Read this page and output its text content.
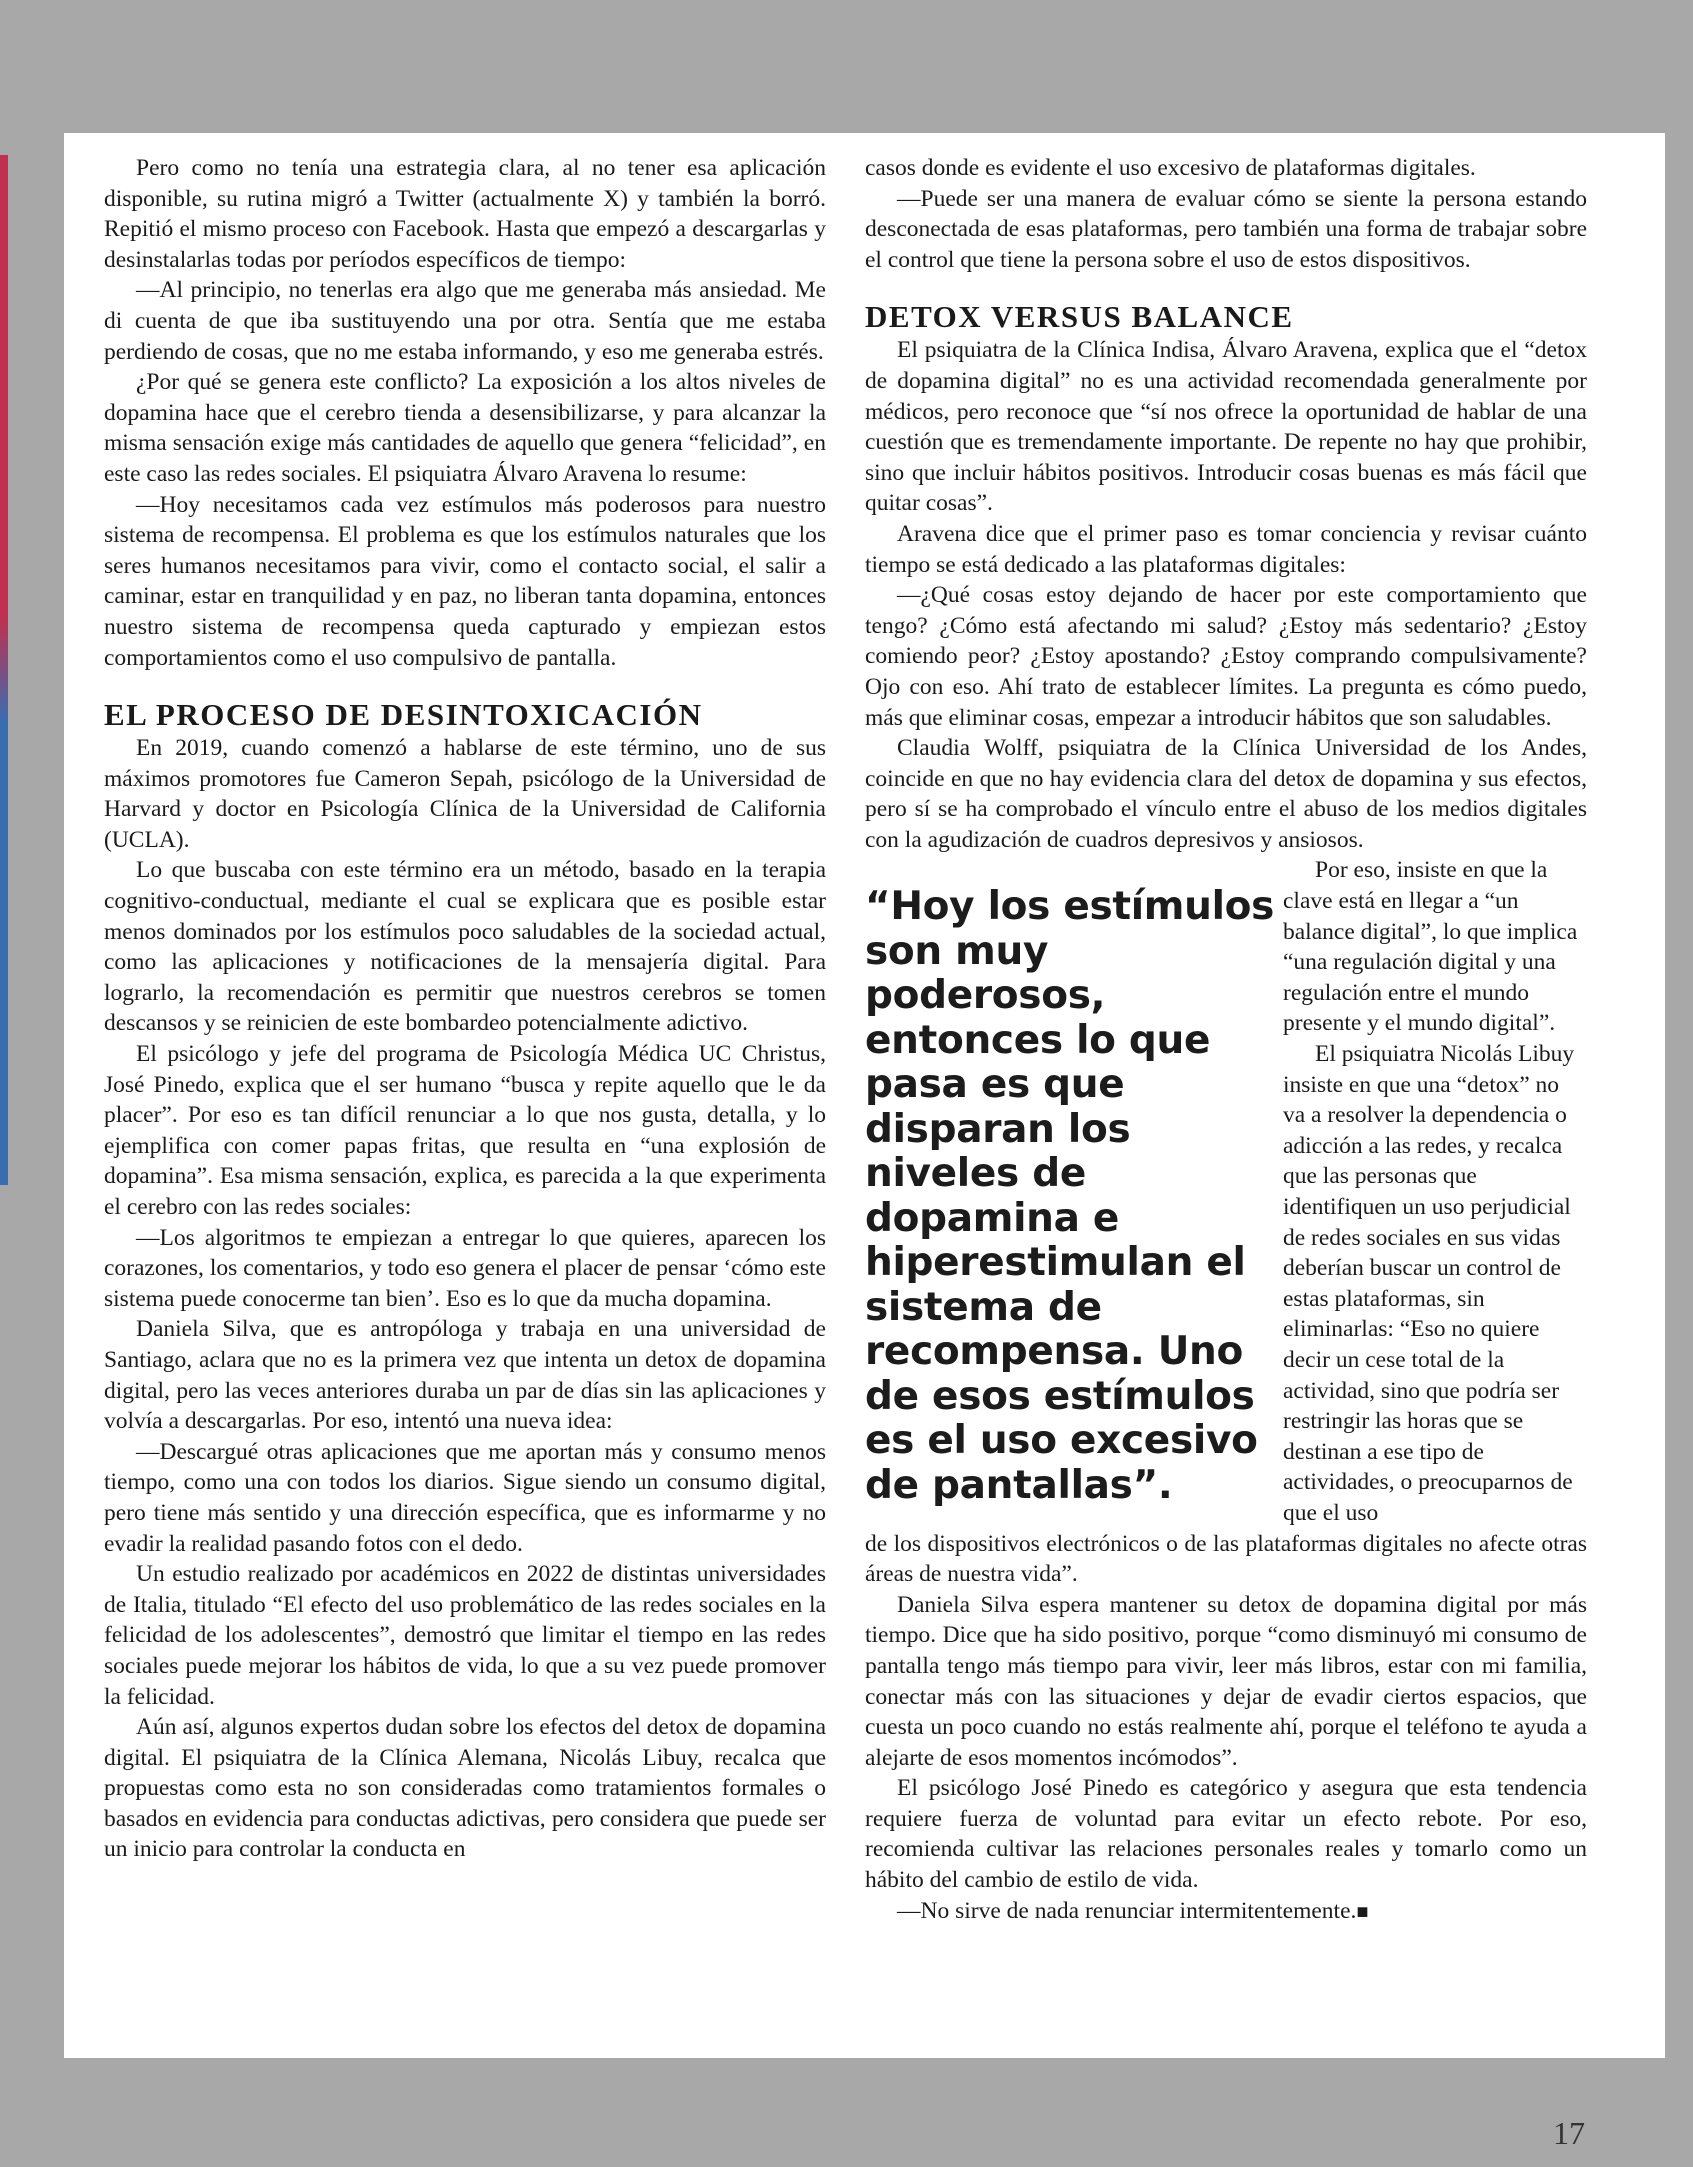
Pero como no tenía una estrategia clara, al no tener esa aplicación disponible, su rutina migró a Twitter (actualmente X) y también la borró. Repitió el mismo proceso con Facebook. Hasta que empezó a descargarlas y desinstalarlas todas por períodos específicos de tiempo:

—Al principio, no tenerlas era algo que me generaba más ansiedad. Me di cuenta de que iba sustituyendo una por otra. Sentía que me estaba perdiendo de cosas, que no me estaba informando, y eso me generaba estrés.

¿Por qué se genera este conflicto? La exposición a los altos niveles de dopamina hace que el cerebro tienda a desensibilizarse, y para alcanzar la misma sensación exige más cantidades de aquello que genera “felicidad”, en este caso las redes sociales. El psiquiatra Álvaro Aravena lo resume:

—Hoy necesitamos cada vez estímulos más poderosos para nuestro sistema de recompensa. El problema es que los estímulos naturales que los seres humanos necesitamos para vivir, como el contacto social, el salir a caminar, estar en tranquilidad y en paz, no liberan tanta dopamina, entonces nuestro sistema de recompensa queda capturado y empiezan estos comportamientos como el uso compulsivo de pantalla.

EL PROCESO DE DESINTOXICACIÓN

En 2019, cuando comenzó a hablarse de este término, uno de sus máximos promotores fue Cameron Sepah, psicólogo de la Universidad de Harvard y doctor en Psicología Clínica de la Universidad de California (UCLA).

Lo que buscaba con este término era un método, basado en la terapia cognitivo-conductual, mediante el cual se explicara que es posible estar menos dominados por los estímulos poco saludables de la sociedad actual, como las aplicaciones y notificaciones de la mensajería digital. Para lograrlo, la recomendación es permitir que nuestros cerebros se tomen descansos y se reinicien de este bombardeo potencialmente adictivo.

El psicólogo y jefe del programa de Psicología Médica UC Christus, José Pinedo, explica que el ser humano “busca y repite aquello que le da placer”. Por eso es tan difícil renunciar a lo que nos gusta, detalla, y lo ejemplifica con comer papas fritas, que resulta en “una explosión de dopamina”. Esa misma sensación, explica, es parecida a la que experimenta el cerebro con las redes sociales:

—Los algoritmos te empiezan a entregar lo que quieres, aparecen los corazones, los comentarios, y todo eso genera el placer de pensar ‘cómo este sistema puede conocerme tan bien’. Eso es lo que da mucha dopamina.

Daniela Silva, que es antropóloga y trabaja en una universidad de Santiago, aclara que no es la primera vez que intenta un detox de dopamina digital, pero las veces anteriores duraba un par de días sin las aplicaciones y volvía a descargarlas. Por eso, intentó una nueva idea:

—Descargué otras aplicaciones que me aportan más y consumo menos tiempo, como una con todos los diarios. Sigue siendo un consumo digital, pero tiene más sentido y una dirección específica, que es informarme y no evadir la realidad pasando fotos con el dedo.

Un estudio realizado por académicos en 2022 de distintas universidades de Italia, titulado “El efecto del uso problemático de las redes sociales en la felicidad de los adolescentes”, demostró que limitar el tiempo en las redes sociales puede mejorar los hábitos de vida, lo que a su vez puede promover la felicidad.

Aún así, algunos expertos dudan sobre los efectos del detox de dopamina digital. El psiquiatra de la Clínica Alemana, Nicolás Libuy, recalca que propuestas como esta no son consideradas como tratamientos formales o basados en evidencia para conductas adictivas, pero considera que puede ser un inicio para controlar la conducta en

casos donde es evidente el uso excesivo de plataformas digitales.

—Puede ser una manera de evaluar cómo se siente la persona estando desconectada de esas plataformas, pero también una forma de trabajar sobre el control que tiene la persona sobre el uso de estos dispositivos.

DETOX VERSUS BALANCE

El psiquiatra de la Clínica Indisa, Álvaro Aravena, explica que el “detox de dopamina digital” no es una actividad recomendada generalmente por médicos, pero reconoce que “sí nos ofrece la oportunidad de hablar de una cuestión que es tremendamente importante. De repente no hay que prohibir, sino que incluir hábitos positivos. Introducir cosas buenas es más fácil que quitar cosas”.

Aravena dice que el primer paso es tomar conciencia y revisar cuánto tiempo se está dedicado a las plataformas digitales:

—¿Qué cosas estoy dejando de hacer por este comportamiento que tengo? ¿Cómo está afectando mi salud? ¿Estoy más sedentario? ¿Estoy comiendo peor? ¿Estoy apostando? ¿Estoy comprando compulsivamente? Ojo con eso. Ahí trato de establecer límites. La pregunta es cómo puedo, más que eliminar cosas, empezar a introducir hábitos que son saludables.

Claudia Wolff, psiquiatra de la Clínica Universidad de los Andes, coincide en que no hay evidencia clara del detox de dopamina y sus efectos, pero sí se ha comprobado el vínculo entre el abuso de los medios digitales con la agudización de cuadros depresivos y ansiosos.

“Hoy los estímulos son muy poderosos, entonces lo que pasa es que disparan los niveles de dopamina e hiperestimulan el sistema de recompensa. Uno de esos estímulos es el uso excesivo de pantallas”.

Por eso, insiste en que la clave está en llegar a “un balance digital”, lo que implica “una regulación digital y una regulación entre el mundo presente y el mundo digital”.

El psiquiatra Nicolás Libuy insiste en que una “detox” no va a resolver la dependencia o adicción a las redes, y recalca que las personas que identifiquen un uso perjudicial de redes sociales en sus vidas deberían buscar un control de estas plataformas, sin eliminarlas: “Eso no quiere decir un cese total de la actividad, sino que podría ser restringir las horas que se destinan a ese tipo de actividades, o preocuparnos de que el uso

de los dispositivos electrónicos o de las plataformas digitales no afecte otras áreas de nuestra vida”.

Daniela Silva espera mantener su detox de dopamina digital por más tiempo. Dice que ha sido positivo, porque “como disminuyó mi consumo de pantalla tengo más tiempo para vivir, leer más libros, estar con mi familia, conectar más con las situaciones y dejar de evadir ciertos espacios, que cuesta un poco cuando no estás realmente ahí, porque el teléfono te ayuda a alejarte de esos momentos incómodos”.

El psicólogo José Pinedo es categórico y asegura que esta tendencia requiere fuerza de voluntad para evitar un efecto rebote. Por eso, recomienda cultivar las relaciones personales reales y tomarlo como un hábito del cambio de estilo de vida.

—No sirve de nada renunciar intermitentemente.■

17
